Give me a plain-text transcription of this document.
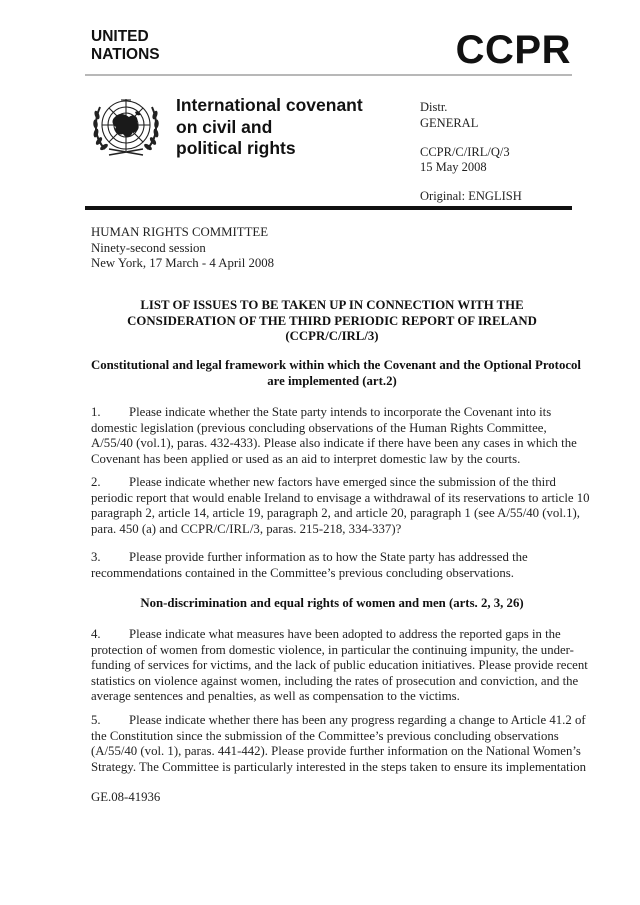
UNITED
NATIONS	CCPR
International covenant
on civil and
political rights
Distr.
GENERAL
CCPR/C/IRL/Q/3
15 May 2008
Original: ENGLISH
HUMAN RIGHTS COMMITTEE
Ninety-second session
New York, 17 March - 4 April 2008
LIST OF ISSUES TO BE TAKEN UP IN CONNECTION WITH THE
CONSIDERATION OF THE THIRD PERIODIC REPORT OF IRELAND
(CCPR/C/IRL/3)
Constitutional and legal framework within which the Covenant and the Optional Protocol
are implemented (art.2)
1. Please indicate whether the State party intends to incorporate the Covenant into its
domestic legislation (previous concluding observations of the Human Rights Committee,
A/55/40 (vol.1), paras. 432-433). Please also indicate if there have been any cases in which the
Covenant has been applied or used as an aid to interpret domestic law by the courts.
2. Please indicate whether new factors have emerged since the submission of the third
periodic report that would enable Ireland to envisage a withdrawal of its reservations to article 10
paragraph 2, article 14, article 19, paragraph 2, and article 20, paragraph 1 (see A/55/40 (vol.1),
para. 450 (a) and CCPR/C/IRL/3, paras. 215-218, 334-337)?
3. Please provide further information as to how the State party has addressed the
recommendations contained in the Committee’s previous concluding observations.
Non-discrimination and equal rights of women and men (arts. 2, 3, 26)
4. Please indicate what measures have been adopted to address the reported gaps in the
protection of women from domestic violence, in particular the continuing impunity, the under-
funding of services for victims, and the lack of public education initiatives. Please provide recent
statistics on violence against women, including the rates of prosecution and conviction, and the
average sentences and penalties, as well as compensation to the victims.
5. Please indicate whether there has been any progress regarding a change to Article 41.2 of
the Constitution since the submission of the Committee’s previous concluding observations
(A/55/40 (vol. 1), paras. 441-442). Please provide further information on the National Women’s
Strategy. The Committee is particularly interested in the steps taken to ensure its implementation
GE.08-41936
